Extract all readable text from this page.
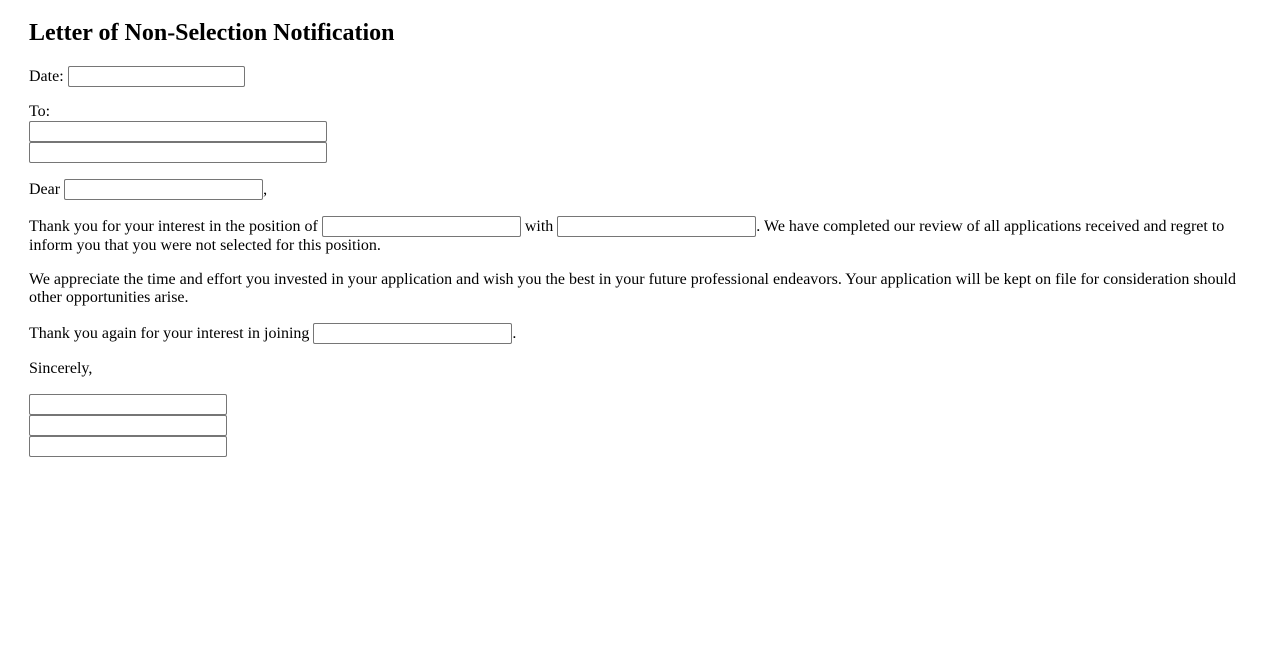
Letter of Non-Selection Notification

Date:

To:

Dear	,

Thank you for your interest in the position of	with	. We have completed our review of all applications received and regret to inform you that you were not selected for this position.

We appreciate the time and effort you invested in your application and wish you the best in your future professional endeavors. Your application will be kept on file for consideration should other opportunities arise.

Thank you again for your interest in joining	.

Sincerely,
